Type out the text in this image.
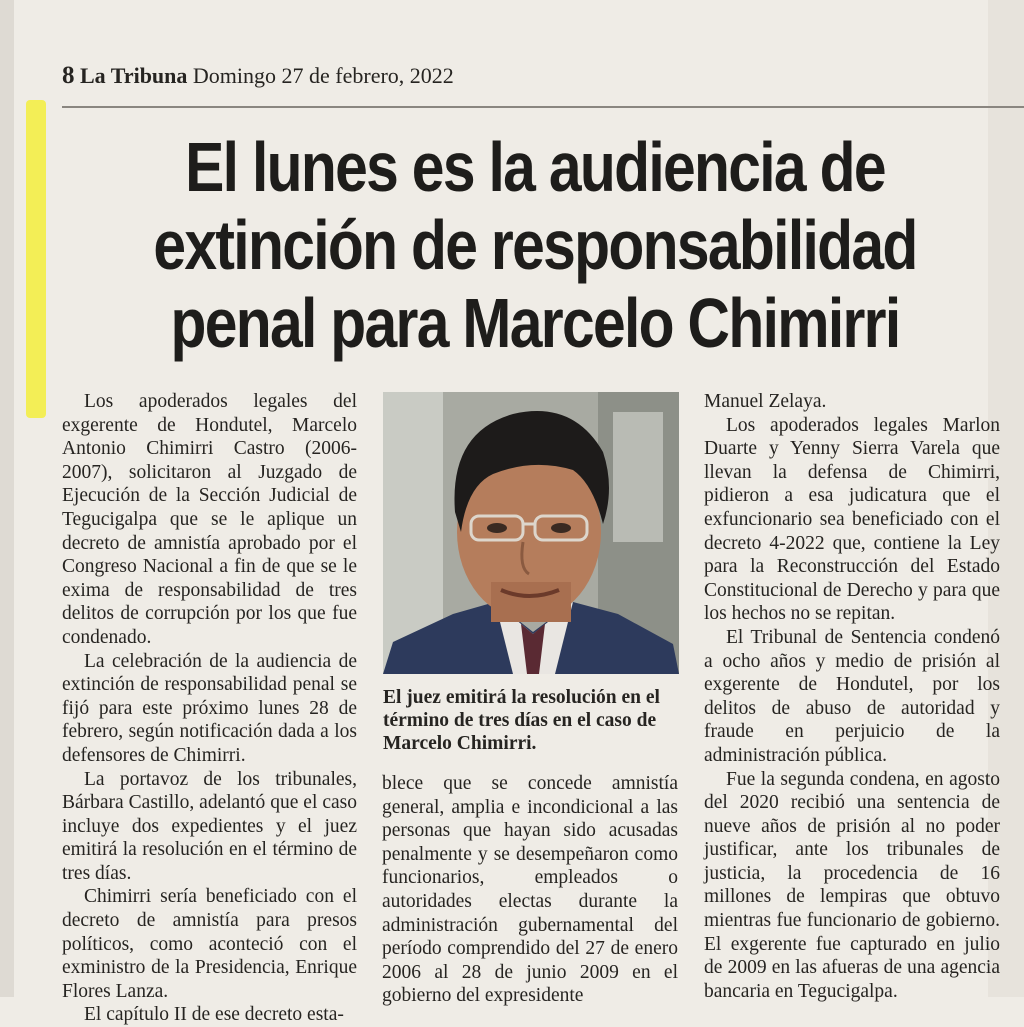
8 La Tribuna Domingo 27 de febrero, 2022
El lunes es la audiencia de
extinción de responsabilidad
penal para Marcelo Chimirri

Los apoderados legales del exgerente de Hondutel, Marcelo Antonio Chimirri Castro (2006-2007), solicitaron al Juzgado de Ejecución de la Sección Judicial de Tegucigalpa que se le aplique un decreto de amnistía aprobado por el Congreso Nacional a fin de que se le exima de responsabilidad de tres delitos de corrupción por los que fue condenado.

La celebración de la audiencia de extinción de responsabilidad penal se fijó para este próximo lunes 28 de febrero, según notificación dada a los defensores de Chimirri.

La portavoz de los tribunales, Bárbara Castillo, adelantó que el caso incluye dos expedientes y el juez emitirá la resolución en el término de tres días.

Chimirri sería beneficiado con el decreto de amnistía para presos políticos, como aconteció con el exministro de la Presidencia, Enrique Flores Lanza.

El capítulo II de ese decreto esta-

El juez emitirá la resolución en el término de tres días en el caso de Marcelo Chimirri.

blece que se concede amnistía general, amplia e incondicional a las personas que hayan sido acusadas penalmente y se desempeñaron como funcionarios, empleados o autoridades electas durante la administración gubernamental del período comprendido del 27 de enero 2006 al 28 de junio 2009 en el gobierno del expresidente

Manuel Zelaya.

Los apoderados legales Marlon Duarte y Yenny Sierra Varela que llevan la defensa de Chimirri, pidieron a esa judicatura que el exfuncionario sea beneficiado con el decreto 4-2022 que, contiene la Ley para la Reconstrucción del Estado Constitucional de Derecho y para que los hechos no se repitan.

El Tribunal de Sentencia condenó a ocho años y medio de prisión al exgerente de Hondutel, por los delitos de abuso de autoridad y fraude en perjuicio de la administración pública.

Fue la segunda condena, en agosto del 2020 recibió una sentencia de nueve años de prisión al no poder justificar, ante los tribunales de justicia, la procedencia de 16 millones de lempiras que obtuvo mientras fue funcionario de gobierno. El exgerente fue capturado en julio de 2009 en las afueras de una agencia bancaria en Tegucigalpa.
